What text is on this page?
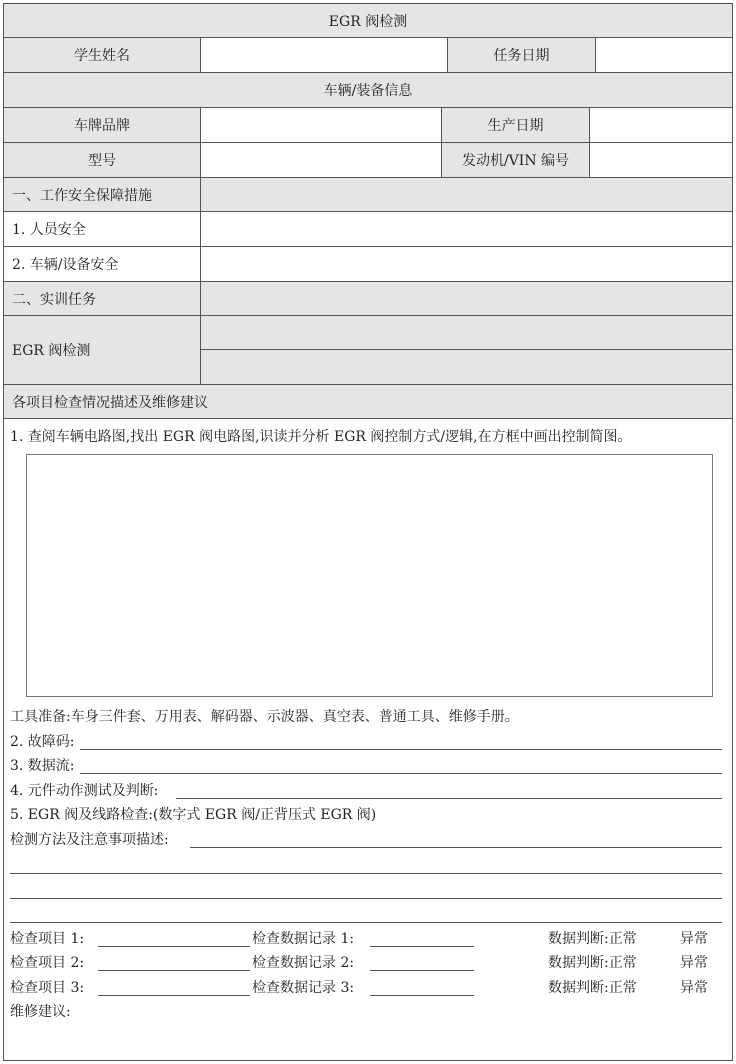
EGR 阀检测
学生姓名	任务日期
车辆/装备信息
车牌品牌	生产日期
型号	发动机/VIN 编号
一、工作安全保障措施
1. 人员安全
2. 车辆/设备安全
二、实训任务
EGR 阀检测
各项目检查情况描述及维修建议
1. 查阅车辆电路图,找出 EGR 阀电路图,识读并分析 EGR 阀控制方式/逻辑,在方框中画出控制简图。
工具准备:车身三件套、万用表、解码器、示波器、真空表、普通工具、维修手册。
2. 故障码:
3. 数据流:
4. 元件动作测试及判断:
5. EGR 阀及线路检查:(数字式 EGR 阀/正背压式 EGR 阀)
检测方法及注意事项描述:
检查项目 1:	检查数据记录 1:	数据判断:正常	异常
检查项目 2:	检查数据记录 2:	数据判断:正常	异常
检查项目 3:	检查数据记录 3:	数据判断:正常	异常
维修建议:
